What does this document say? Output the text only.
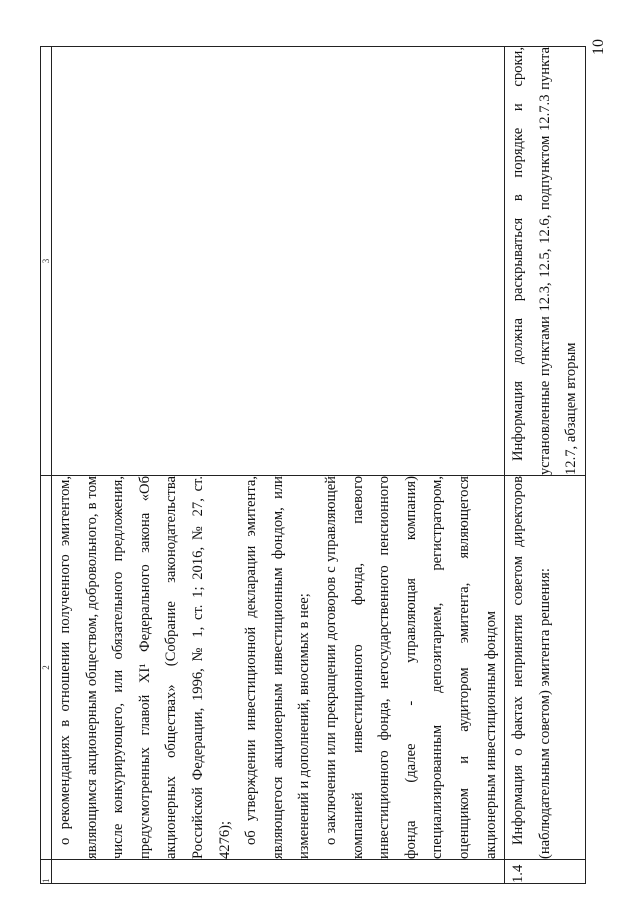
1	2	3

	о рекомендациях в отношении полученного эмитентом, являющимся акционерным обществом, добровольного, в том числе конкурирующего, или обязательного предложения, предусмотренных главой XI¹ Федерального закона «Об акционерных обществах» (Собрание законодательства Российской Федерации, 1996, № 1, ст. 1; 2016, № 27, ст. 4276); об утверждении инвестиционной декларации эмитента, являющегося акционерным инвестиционным фондом, или изменений и дополнений, вносимых в нее; о заключении или прекращении договоров с управляющей компанией инвестиционного фонда, паевого инвестиционного фонда, негосударственного пенсионного фонда (далее - управляющая компания) специализированным депозитарием, регистратором, оценщиком и аудитором эмитента, являющегося акционерным инвестиционным фондом	

1.4	Информация о фактах непринятия советом директоров (наблюдательным советом) эмитента решения:	Информация должна раскрываться в порядке и сроки, установленные пунктами 12.3, 12.5, 12.6, подпунктом 12.7.3 пункта 12.7, абзацем вторым

10
